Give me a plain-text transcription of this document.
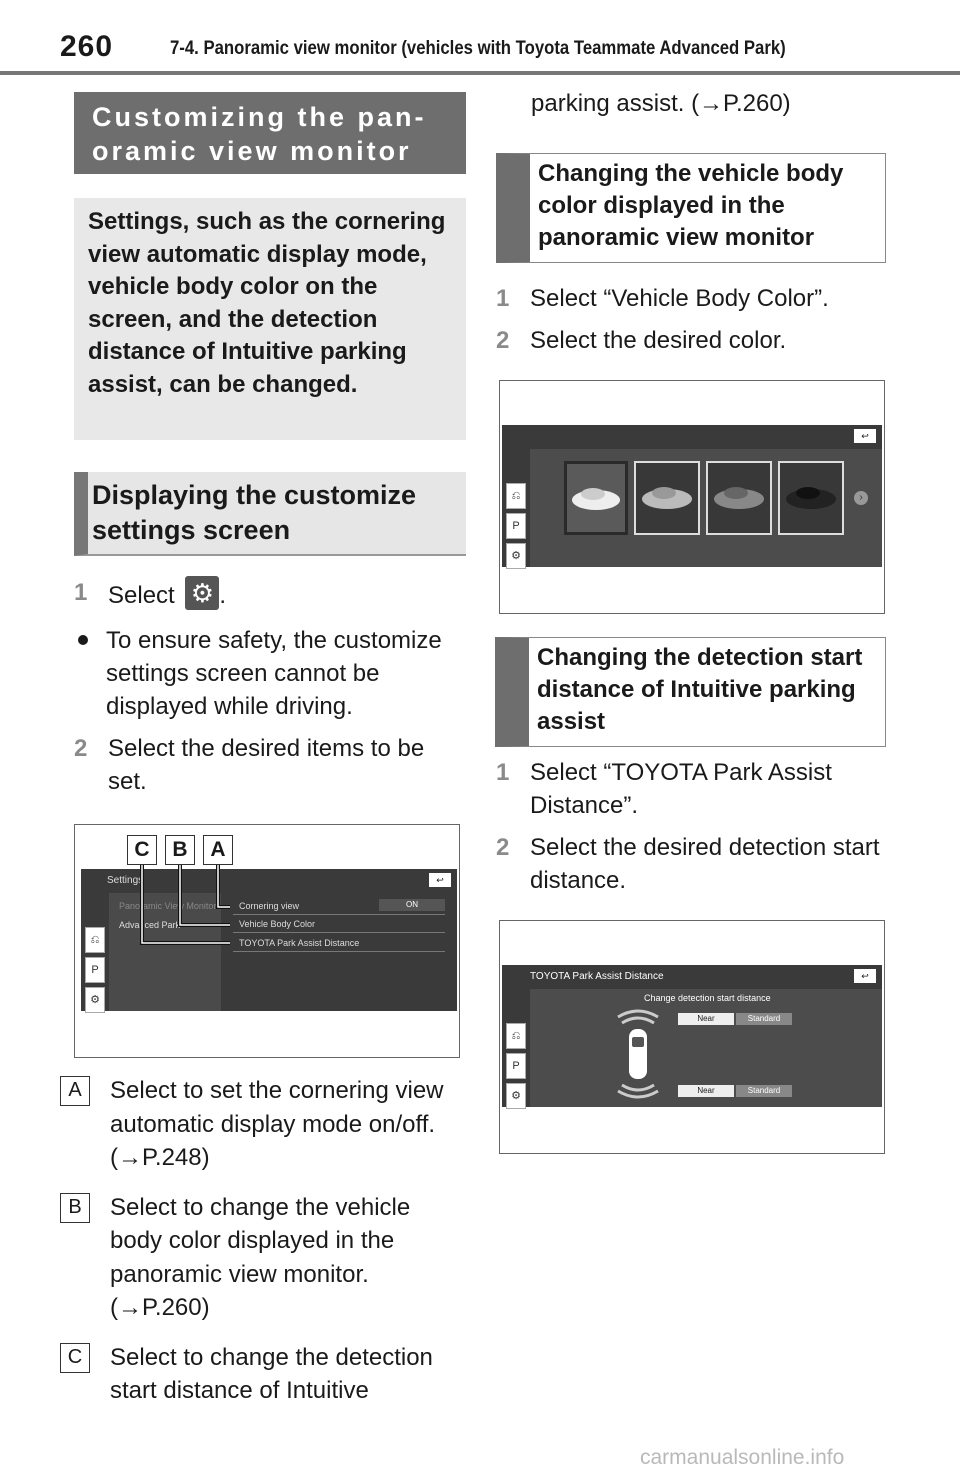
260	7-4. Panoramic view monitor (vehicles with Toyota Teammate Advanced Park)
Customizing the pan-oramic view monitor
Settings, such as the cornering view automatic display mode, vehicle body color on the screen, and the detection distance of Intuitive parking assist, can be changed.
Displaying the customize settings screen
1 Select ⚙ .
To ensure safety, the customize settings screen cannot be displayed while driving.
2 Select the desired items to be set.
C	B	A
Settings	↩
Panoramic View Monitor
Advanced Park
⎌
P
⚙
Cornering view	ON
Vehicle Body Color
TOYOTA Park Assist Distance
A	Select to set the cornering view automatic display mode on/off. (→P.248)
B	Select to change the vehicle body color displayed in the panoramic view monitor. (→P.260)
C	Select to change the detection start distance of Intuitive
parking assist. (→P.260)
Changing the vehicle body color displayed in the panoramic view monitor
1 Select “Vehicle Body Color”.
2 Select the desired color.
↩
⎌
P
⚙
›
Changing the detection start distance of Intuitive parking assist
1 Select “TOYOTA Park Assist Distance”.
2 Select the desired detection start distance.
TOYOTA Park Assist Distance	↩
⎌
P
⚙
Change detection start distance
Near	Standard
Near	Standard
carmanualsonline.info
